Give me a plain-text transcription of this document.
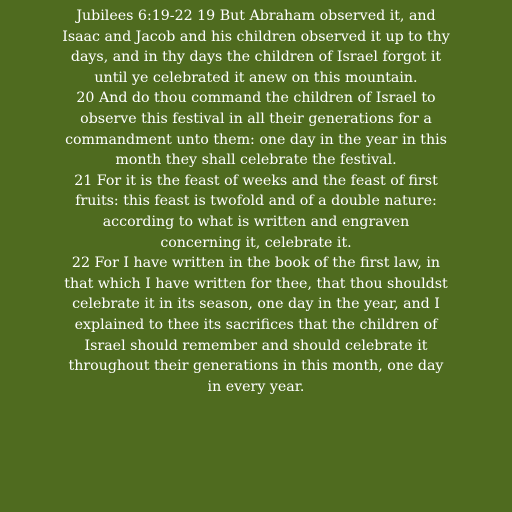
Jubilees 6:19-22 19 But Abraham observed it, and
Isaac and Jacob and his children observed it up to thy
days, and in thy days the children of Israel forgot it
until ye celebrated it anew on this mountain.
20 And do thou command the children of Israel to
observe this festival in all their generations for a
commandment unto them: one day in the year in this
month they shall celebrate the festival.
21 For it is the feast of weeks and the feast of first
fruits: this feast is twofold and of a double nature:
according to what is written and engraven
concerning it, celebrate it.
22 For I have written in the book of the first law, in
that which I have written for thee, that thou shouldst
celebrate it in its season, one day in the year, and I
explained to thee its sacrifices that the children of
Israel should remember and should celebrate it
throughout their generations in this month, one day
in every year.
